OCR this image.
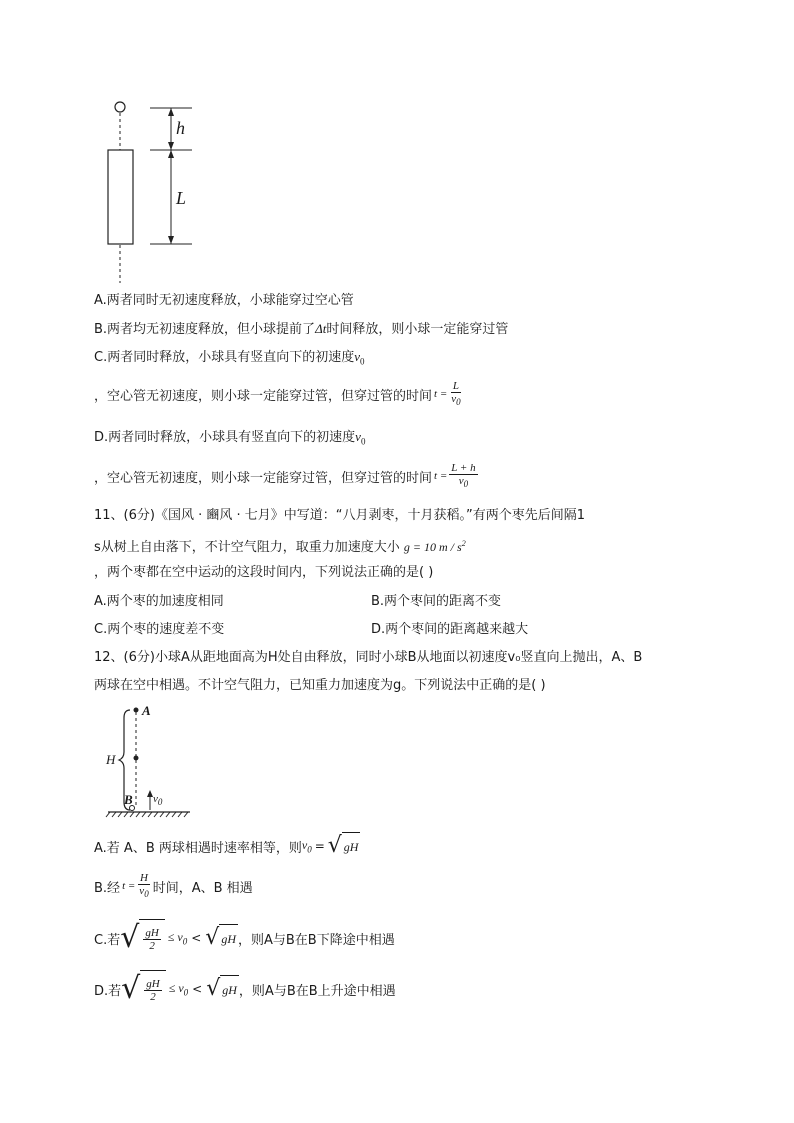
h
L
A.两者同时无初速度释放，小球能穿过空心管
B.两者均无初速度释放，但小球提前了Δt时间释放，则小球一定能穿过管
C.两者同时释放，小球具有竖直向下的初速度$v_0$
，空心管无初速度，则小球一定能穿过管，但穿过管的时间 $t = \frac{L}{v_0}$
D.两者同时释放，小球具有竖直向下的初速度$v_0$
，空心管无初速度，则小球一定能穿过管，但穿过管的时间 $t = \frac{L + h}{v_0}$
11、(6分)《国风 · 豳风 · 七月》中写道：“八月剥枣，十月获稻。”有两个枣先后间隔1
s从树上自由落下，不计空气阻力，取重力加速度大小 g = 10 m / $s^2$
，两个枣都在空中运动的这段时间内，下列说法正确的是( )
A.两个枣的加速度相同	B.两个枣间的距离不变
C.两个枣的速度差不变	D.两个枣间的距离越来越大
12、(6分)小球A从距地面高为H处自由释放，同时小球B从地面以初速度v₀竖直向上抛出，A、B
两球在空中相遇。不计空气阻力，已知重力加速度为g。下列说法中正确的是( )
A
H
B $v_0$
A.若 A、B 两球相遇时速率相等，则 $v_0$ = √ gH
B.经 $t = \frac{H}{v_0}$ 时间，A、B 相遇
C.若 √ $\frac{gH}{2} \le v_0$ < √ gH ，则A与B在B下降途中相遇
D.若 √ $\frac{gH}{2} \le v_0$ < √ gH ，则A与B在B上升途中相遇
